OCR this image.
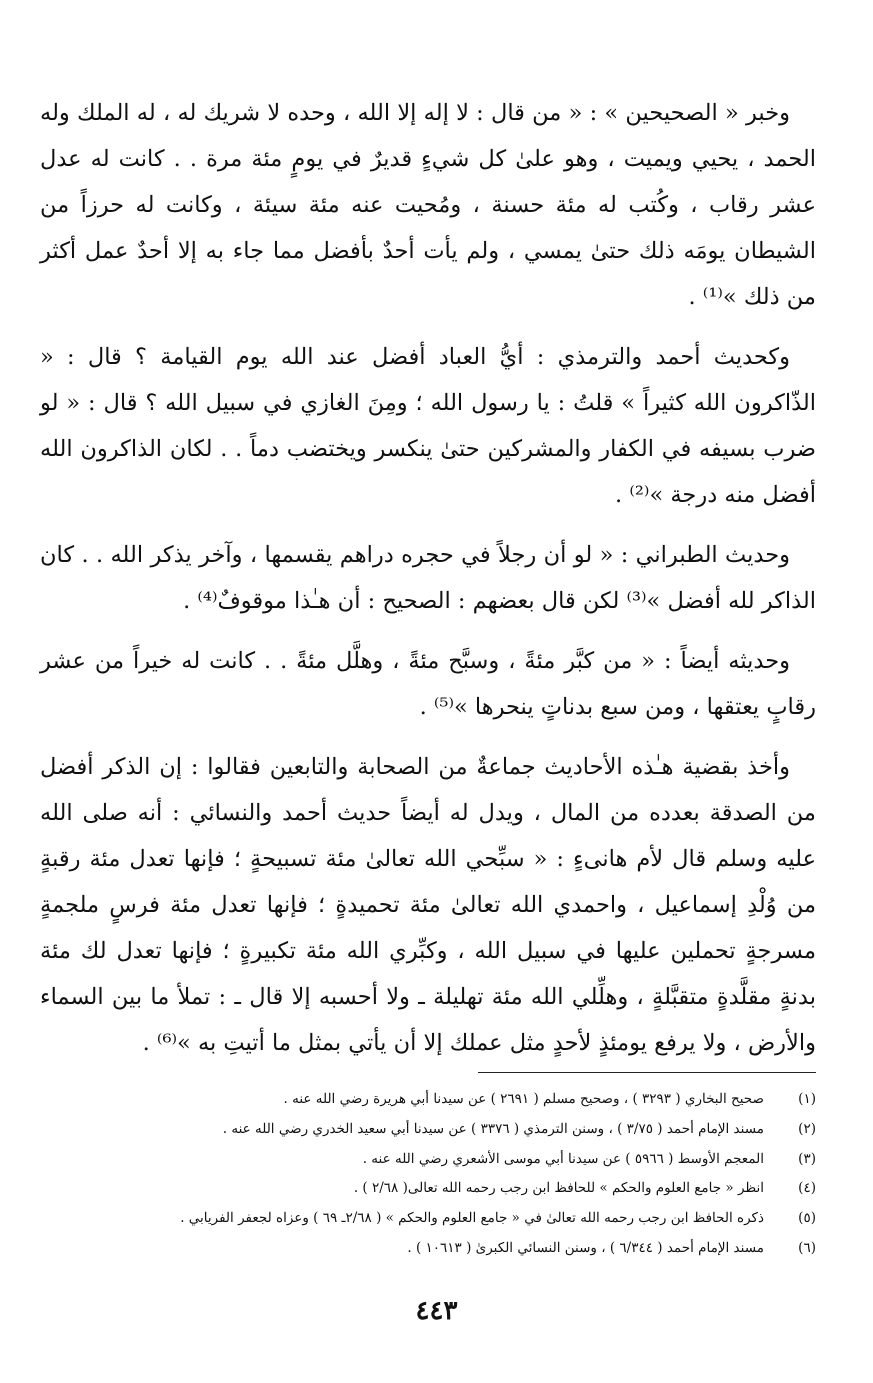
وخبر « الصحيحين » : « من قال : لا إله إلا الله ، وحده لا شريك له ، له الملك وله الحمد ، يحيي ويميت ، وهو علىٰ كل شيءٍ قديرٌ في يومٍ مئة مرة . . كانت له عدل عشر رقاب ، وكُتب له مئة حسنة ، ومُحيت عنه مئة سيئة ، وكانت له حرزاً من الشيطان يومَه ذلك حتىٰ يمسي ، ولم يأت أحدٌ بأفضل مما جاء به إلا أحدٌ عمل أكثر من ذلك »⁽¹⁾ .

وكحديث أحمد والترمذي : أيُّ العباد أفضل عند الله يوم القيامة ؟ قال : « الذّاكرون الله كثيراً » قلتُ : يا رسول الله ؛ ومِنَ الغازي في سبيل الله ؟ قال : « لو ضرب بسيفه في الكفار والمشركين حتىٰ ينكسر ويختضب دماً . . لكان الذاكرون الله أفضل منه درجة »⁽²⁾ .

وحديث الطبراني : « لو أن رجلاً في حجره دراهم يقسمها ، وآخر يذكر الله . . كان الذاكر لله أفضل »⁽³⁾ لكن قال بعضهم : الصحيح : أن هـٰذا موقوفٌ⁽⁴⁾ .

وحديثه أيضاً : « من كبَّر مئةً ، وسبَّح مئةً ، وهلَّل مئةً . . كانت له خيراً من عشر رقابٍ يعتقها ، ومن سبع بدناتٍ ينحرها »⁽⁵⁾ .

وأخذ بقضية هـٰذه الأحاديث جماعةٌ من الصحابة والتابعين فقالوا : إن الذكر أفضل من الصدقة بعدده من المال ، ويدل له أيضاً حديث أحمد والنسائي : أنه صلى الله عليه وسلم قال لأم هانىءٍ : « سبِّحي الله تعالىٰ مئة تسبيحةٍ ؛ فإنها تعدل مئة رقبةٍ من وُلْدِ إسماعيل ، واحمدي الله تعالىٰ مئة تحميدةٍ ؛ فإنها تعدل مئة فرسٍ ملجمةٍ مسرجةٍ تحملين عليها في سبيل الله ، وكبِّري الله مئة تكبيرةٍ ؛ فإنها تعدل لك مئة بدنةٍ مقلَّدةٍ متقبَّلةٍ ، وهلِّلي الله مئة تهليلة ـ ولا أحسبه إلا قال ـ : تملأ ما بين السماء والأرض ، ولا يرفع يومئذٍ لأحدٍ مثل عملك إلا أن يأتي بمثل ما أتيتِ به »⁽⁶⁾ .

(١)
صحيح البخاري ( ٣٢٩٣ ) ، وصحيح مسلم ( ٢٦٩١ ) عن سيدنا أبي هريرة رضي الله عنه .
(٢)
مسند الإمام أحمد ( ٣/٧٥ ) ، وسنن الترمذي ( ٣٣٧٦ ) عن سيدنا أبي سعيد الخدري رضي الله عنه .
(٣)
المعجم الأوسط ( ٥٩٦٦ ) عن سيدنا أبي موسى الأشعري رضي الله عنه .
(٤)
انظر « جامع العلوم والحكم » للحافظ ابن رجب رحمه الله تعالى( ٢/٦٨ ) .
(٥)
ذكره الحافظ ابن رجب رحمه الله تعالىٰ في « جامع العلوم والحكم » ( ٢/٦٨ـ ٦٩ ) وعزاه لجعفر الفريابي .
(٦)
مسند الإمام أحمد ( ٦/٣٤٤ ) ، وسنن النسائي الكبرىٰ ( ١٠٦١٣ ) .
٤٤٣
